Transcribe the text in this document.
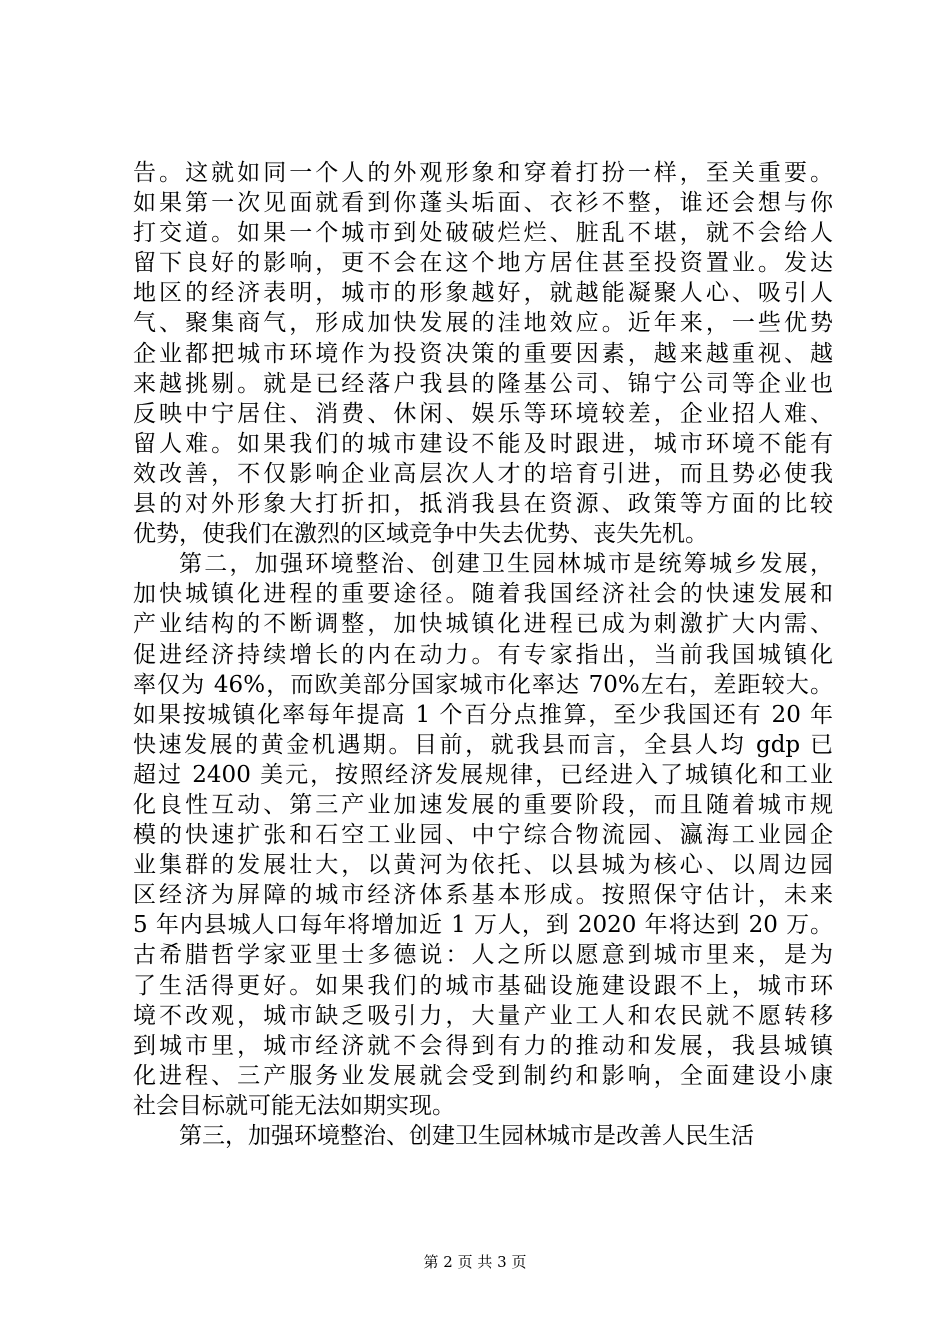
告。这就如同一个人的外观形象和穿着打扮一样，至关重要。
如果第一次见面就看到你蓬头垢面、衣衫不整，谁还会想与你
打交道。如果一个城市到处破破烂烂、脏乱不堪，就不会给人
留下良好的影响，更不会在这个地方居住甚至投资置业。发达
地区的经济表明，城市的形象越好，就越能凝聚人心、吸引人
气、聚集商气，形成加快发展的洼地效应。近年来，一些优势
企业都把城市环境作为投资决策的重要因素，越来越重视、越
来越挑剔。就是已经落户我县的隆基公司、锦宁公司等企业也
反映中宁居住、消费、休闲、娱乐等环境较差，企业招人难、
留人难。如果我们的城市建设不能及时跟进，城市环境不能有
效改善，不仅影响企业高层次人才的培育引进，而且势必使我
县的对外形象大打折扣，抵消我县在资源、政策等方面的比较
优势，使我们在激烈的区域竞争中失去优势、丧失先机。
第二，加强环境整治、创建卫生园林城市是统筹城乡发展，
加快城镇化进程的重要途径。随着我国经济社会的快速发展和
产业结构的不断调整，加快城镇化进程已成为刺激扩大内需、
促进经济持续增长的内在动力。有专家指出，当前我国城镇化
率仅为 46%，而欧美部分国家城市化率达 70%左右，差距较大。
如果按城镇化率每年提高 1 个百分点推算，至少我国还有 20 年
快速发展的黄金机遇期。目前，就我县而言，全县人均 gdp 已
超过 2400 美元，按照经济发展规律，已经进入了城镇化和工业
化良性互动、第三产业加速发展的重要阶段，而且随着城市规
模的快速扩张和石空工业园、中宁综合物流园、瀛海工业园企
业集群的发展壮大，以黄河为依托、以县城为核心、以周边园
区经济为屏障的城市经济体系基本形成。按照保守估计，未来
5 年内县城人口每年将增加近 1 万人，到 2020 年将达到 20 万。
古希腊哲学家亚里士多德说：人之所以愿意到城市里来，是为
了生活得更好。如果我们的城市基础设施建设跟不上，城市环
境不改观，城市缺乏吸引力，大量产业工人和农民就不愿转移
到城市里，城市经济就不会得到有力的推动和发展，我县城镇
化进程、三产服务业发展就会受到制约和影响，全面建设小康
社会目标就可能无法如期实现。
第三，加强环境整治、创建卫生园林城市是改善人民生活
第 2 页 共 3 页
